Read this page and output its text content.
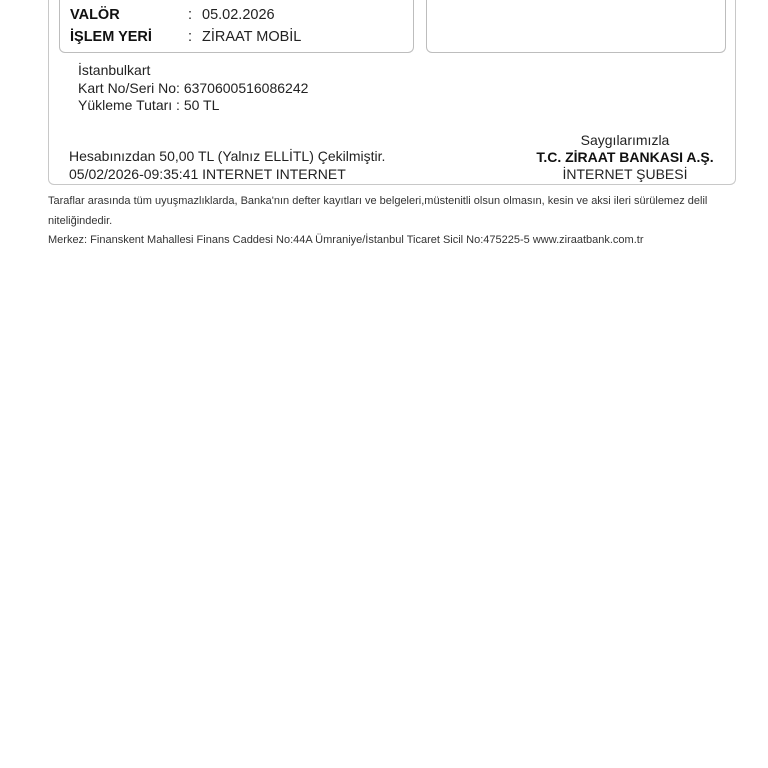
VALÖR	: 05.02.2026
İŞLEM YERİ : ZİRAAT MOBİL
İstanbulkart
Kart No/Seri No: 6370600516086242
Yükleme Tutarı : 50 TL
Hesabınızdan 50,00 TL (Yalnız ELLİTL) Çekilmiştir.
05/02/2026-09:35:41 INTERNET INTERNET
Saygılarımızla
T.C. ZİRAAT BANKASI A.Ş.
İNTERNET ŞUBESİ
Taraflar arasında tüm uyuşmazlıklarda, Banka'nın defter kayıtları ve belgeleri,müstenitli olsun olmasın, kesin ve aksi ileri sürülemez delil niteliğindedir.
Merkez: Finanskent Mahallesi Finans Caddesi No:44A Ümraniye/İstanbul Ticaret Sicil No:475225-5 www.ziraatbank.com.tr
